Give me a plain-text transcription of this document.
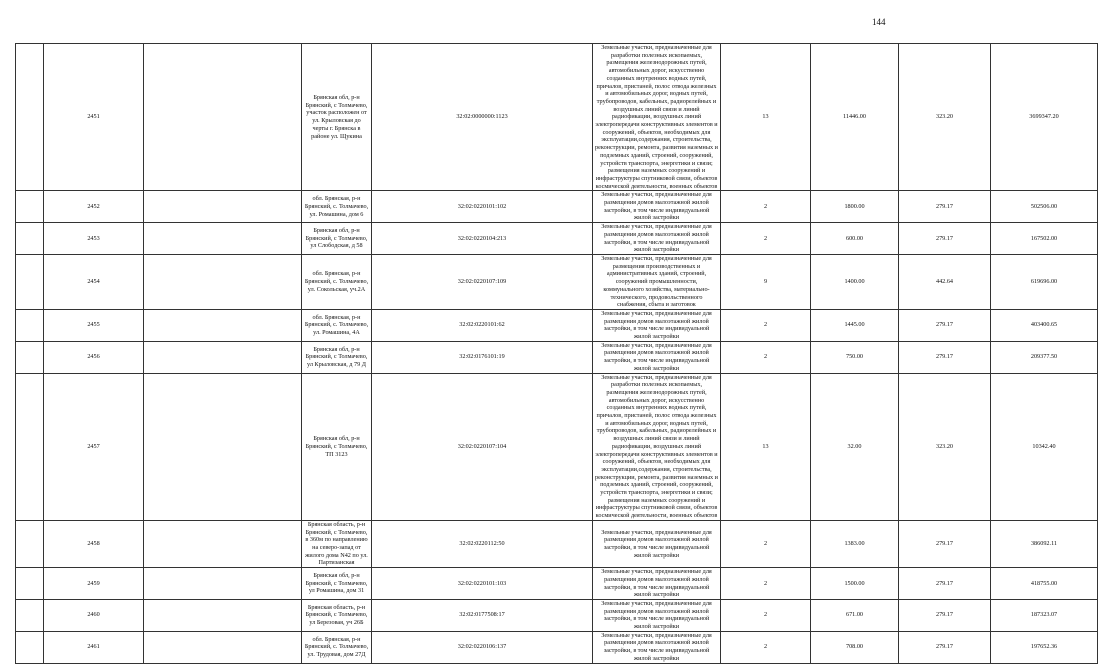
144
	2451		Брянская обл, р-н Брянский, с Толмачево, участок расположен от ул. Крыловская до черты г. Брянска в районе ул. Щукина	32:02:0000000:1123	Земельные участки, предназначенные для разработки полезных ископаемых, размещения железнодорожных путей, автомобильных дорог, искусственно созданных внутренних водных путей, причалов, пристаней, полос отвода железных и автомобильных дорог, водных путей, трубопроводов, кабельных, радиорелейных и воздушных линий связи и линий радиофикации, воздушных линий электропередачи конструктивных элементов и сооружений, объектов, необходимых для эксплуатации,содержания, строительства, реконструкции, ремонта, развития наземных и подземных зданий, строений, сооружений, устройств транспорта, энергетики и связи; размещения наземных сооружений и инфраструктуры спутниковой связи, объектов космической деятельности, военных объектов	13	11446.00	323.20	3699347.20
	2452		обл. Брянская, р-н Брянский, с. Толмачево, ул. Ромашина, дом 6	32:02:0220101:102	Земельные участки, предназначенные для размещения домов малоэтажной жилой застройки, в том числе индивидуальной жилой застройки	2	1800.00	279.17	502506.00
	2453		Брянская обл, р-н Брянский, с Толмачево, ул Слободская, д 58	32:02:0220104:213	Земельные участки, предназначенные для размещения домов малоэтажной жилой застройки, в том числе индивидуальной жилой застройки	2	600.00	279.17	167502.00
	2454		обл. Брянская, р-н Брянский, с. Толмачево, ул. Сокольская, уч.2А	32:02:0220107:109	Земельные участки, предназначенные для размещения производственных и административных зданий, строений, сооружений промышленности, коммунального хозяйства, материально-технического, продовольственного снабжения, сбыта и заготовок	9	1400.00	442.64	619696.00
	2455		обл. Брянская, р-н Брянский, с. Толмачево, ул. Ромашина, 4А	32:02:0220101:62	Земельные участки, предназначенные для размещения домов малоэтажной жилой застройки, в том числе индивидуальной жилой застройки	2	1445.00	279.17	403400.65
	2456		Брянская обл, р-н Брянский, с Толмачево, ул Крыловская, д 79 Д	32:02:0176101:19	Земельные участки, предназначенные для размещения домов малоэтажной жилой застройки, в том числе индивидуальной жилой застройки	2	750.00	279.17	209377.50
	2457		Брянская обл, р-н Брянский, с Толмачево, ТП 3123	32:02:0220107:104	Земельные участки, предназначенные для разработки полезных ископаемых, размещения железнодорожных путей, автомобильных дорог, искусственно созданных внутренних водных путей, причалов, пристаней, полос отвода железных и автомобильных дорог, водных путей, трубопроводов, кабельных, радиорелейных и воздушных линий связи и линий радиофикации, воздушных линий электропередачи конструктивных элементов и сооружений, объектов, необходимых для эксплуатации,содержания, строительства, реконструкции, ремонта, развития наземных и подземных зданий, строений, сооружений, устройств транспорта, энергетики и связи; размещения наземных сооружений и инфраструктуры спутниковой связи, объектов космической деятельности, военных объектов	13	32.00	323.20	10342.40
	2458		Брянская область, р-н Брянский, с Толмачево, в 360м по направлению на северо-запад от жилого дома N42 по ул. Партизанская	32:02:0220112:50	Земельные участки, предназначенные для размещения домов малоэтажной жилой застройки, в том числе индивидуальной жилой застройки	2	1383.00	279.17	386092.11
	2459		Брянская обл, р-н Брянский, с Толмачево, ул Ромашина, дом 31	32:02:0220101:103	Земельные участки, предназначенные для размещения домов малоэтажной жилой застройки, в том числе индивидуальной жилой застройки	2	1500.00	279.17	418755.00
	2460		Брянская область, р-н Брянский, с Толмачево, ул Березовая, уч 26Б	32:02:0177508:17	Земельные участки, предназначенные для размещения домов малоэтажной жилой застройки, в том числе индивидуальной жилой застройки	2	671.00	279.17	187323.07
	2461		обл. Брянская, р-н Брянский, с. Толмачево, ул. Трудовая, дом 27Д	32:02:0220106:137	Земельные участки, предназначенные для размещения домов малоэтажной жилой застройки, в том числе индивидуальной жилой застройки	2	708.00	279.17	197652.36
